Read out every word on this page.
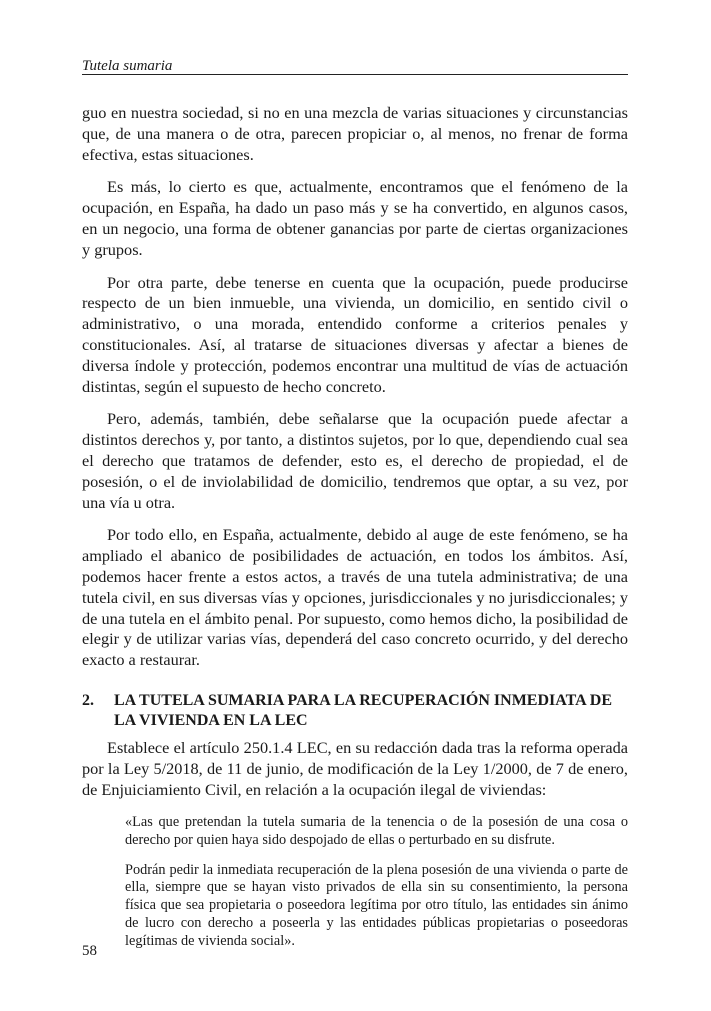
Tutela sumaria

guo en nuestra sociedad, si no en una mezcla de varias situaciones y circunstancias que, de una manera o de otra, parecen propiciar o, al menos, no frenar de forma efectiva, estas situaciones.

Es más, lo cierto es que, actualmente, encontramos que el fenómeno de la ocupación, en España, ha dado un paso más y se ha convertido, en algunos casos, en un negocio, una forma de obtener ganancias por parte de ciertas organizaciones y grupos.

Por otra parte, debe tenerse en cuenta que la ocupación, puede producirse respecto de un bien inmueble, una vivienda, un domicilio, en sentido civil o administrativo, o una morada, entendido conforme a criterios penales y constitucionales. Así, al tratarse de situaciones diversas y afectar a bienes de diversa índole y protección, podemos encontrar una multitud de vías de actuación distintas, según el supuesto de hecho concreto.

Pero, además, también, debe señalarse que la ocupación puede afectar a distintos derechos y, por tanto, a distintos sujetos, por lo que, dependiendo cual sea el derecho que tratamos de defender, esto es, el derecho de propiedad, el de posesión, o el de inviolabilidad de domicilio, tendremos que optar, a su vez, por una vía u otra.

Por todo ello, en España, actualmente, debido al auge de este fenómeno, se ha ampliado el abanico de posibilidades de actuación, en todos los ámbitos. Así, podemos hacer frente a estos actos, a través de una tutela administrativa; de una tutela civil, en sus diversas vías y opciones, jurisdiccionales y no jurisdiccionales; y de una tutela en el ámbito penal. Por supuesto, como hemos dicho, la posibilidad de elegir y de utilizar varias vías, dependerá del caso concreto ocurrido, y del derecho exacto a restaurar.

2.	LA TUTELA SUMARIA PARA LA RECUPERACIÓN INMEDIATA DE LA VIVIENDA EN LA LEC

Establece el artículo 250.1.4 LEC, en su redacción dada tras la reforma operada por la Ley 5/2018, de 11 de junio, de modificación de la Ley 1/2000, de 7 de enero, de Enjuiciamiento Civil, en relación a la ocupación ilegal de viviendas:

«Las que pretendan la tutela sumaria de la tenencia o de la posesión de una cosa o derecho por quien haya sido despojado de ellas o perturbado en su disfrute.

Podrán pedir la inmediata recuperación de la plena posesión de una vivienda o parte de ella, siempre que se hayan visto privados de ella sin su consentimiento, la persona física que sea propietaria o poseedora legítima por otro título, las entidades sin ánimo de lucro con derecho a poseerla y las entidades públicas propietarias o poseedoras legítimas de vivienda social».

58
